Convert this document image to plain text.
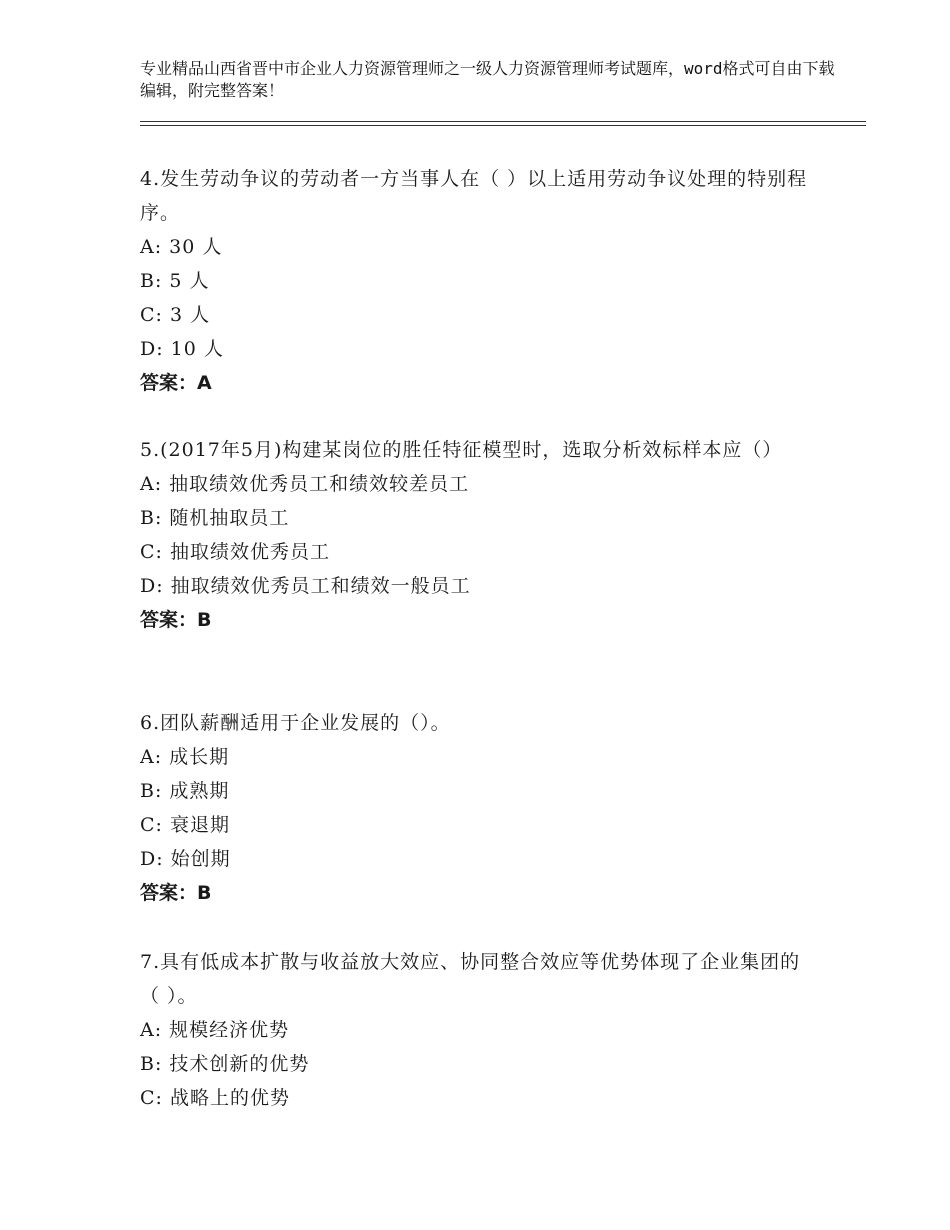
专业精品山西省晋中市企业人力资源管理师之一级人力资源管理师考试题库，word格式可自由下载编辑，附完整答案！

4.发生劳动争议的劳动者一方当事人在（ ）以上适用劳动争议处理的特别程序。

A: 30 人

B: 5 人

C: 3 人

D: 10 人

答案：A

5.(2017年5月)构建某岗位的胜任特征模型时，选取分析效标样本应（）

A: 抽取绩效优秀员工和绩效较差员工

B: 随机抽取员工

C: 抽取绩效优秀员工

D: 抽取绩效优秀员工和绩效一般员工

答案：B

6.团队薪酬适用于企业发展的（）。

A: 成长期

B: 成熟期

C: 衰退期

D: 始创期

答案：B

7.具有低成本扩散与收益放大效应、协同整合效应等优势体现了企业集团的（ ）。

A: 规模经济优势

B: 技术创新的优势

C: 战略上的优势
